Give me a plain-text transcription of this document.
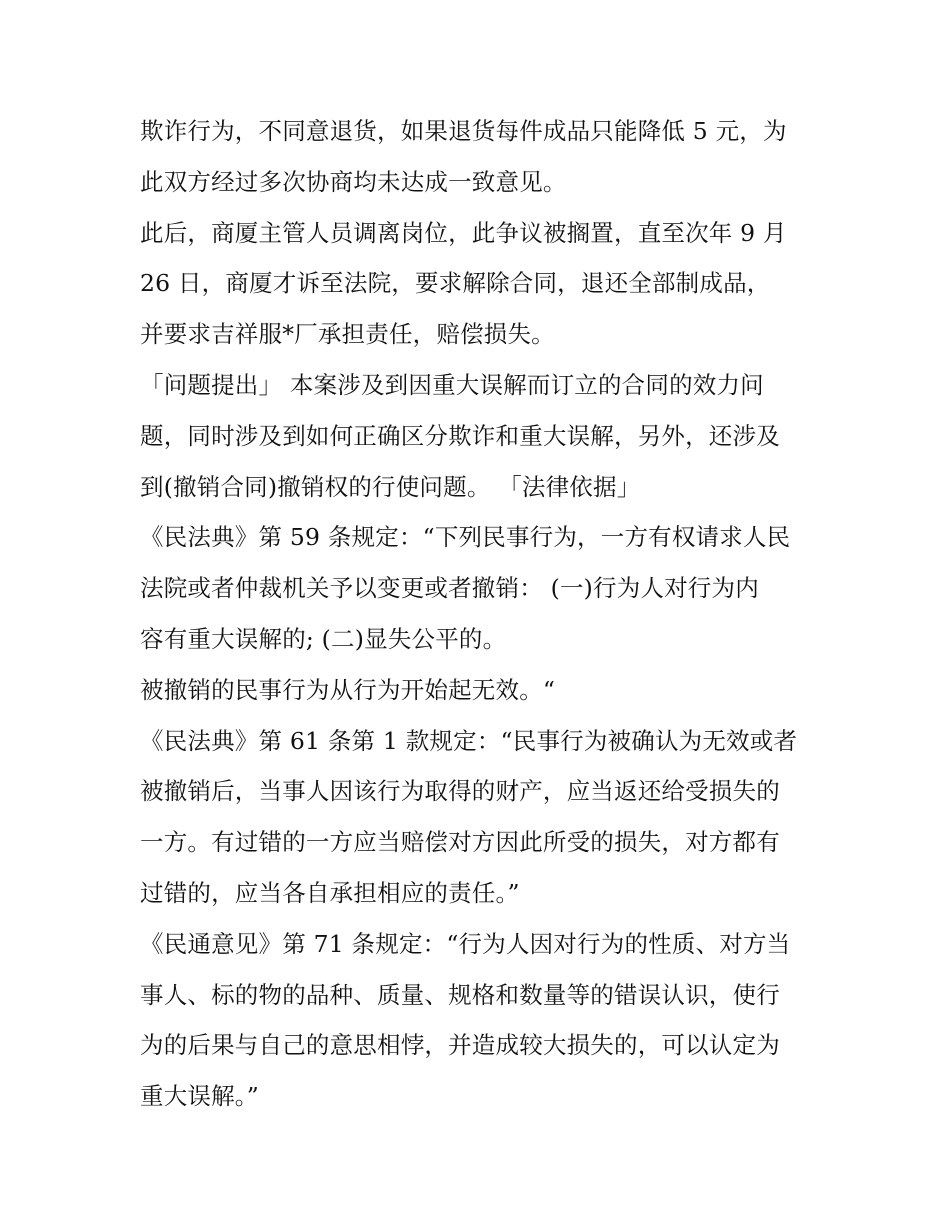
欺诈行为，不同意退货，如果退货每件成品只能降低 5 元，为
此双方经过多次协商均未达成一致意见。
此后，商厦主管人员调离岗位，此争议被搁置，直至次年 9 月
26 日，商厦才诉至法院，要求解除合同，退还全部制成品，
并要求吉祥服*厂承担责任，赔偿损失。
「问题提出」 本案涉及到因重大误解而订立的合同的效力问
题，同时涉及到如何正确区分欺诈和重大误解，另外，还涉及
到(撤销合同)撤销权的行使问题。 「法律依据」
《民法典》第 59 条规定：“下列民事行为，一方有权请求人民
法院或者仲裁机关予以变更或者撤销： (一)行为人对行为内
容有重大误解的; (二)显失公平的。
被撤销的民事行为从行为开始起无效。“
《民法典》第 61 条第 1 款规定：“民事行为被确认为无效或者
被撤销后，当事人因该行为取得的财产，应当返还给受损失的
一方。有过错的一方应当赔偿对方因此所受的损失，对方都有
过错的，应当各自承担相应的责任。”
《民通意见》第 71 条规定：“行为人因对行为的性质、对方当
事人、标的物的品种、质量、规格和数量等的错误认识，使行
为的后果与自己的意思相悖，并造成较大损失的，可以认定为
重大误解。”
